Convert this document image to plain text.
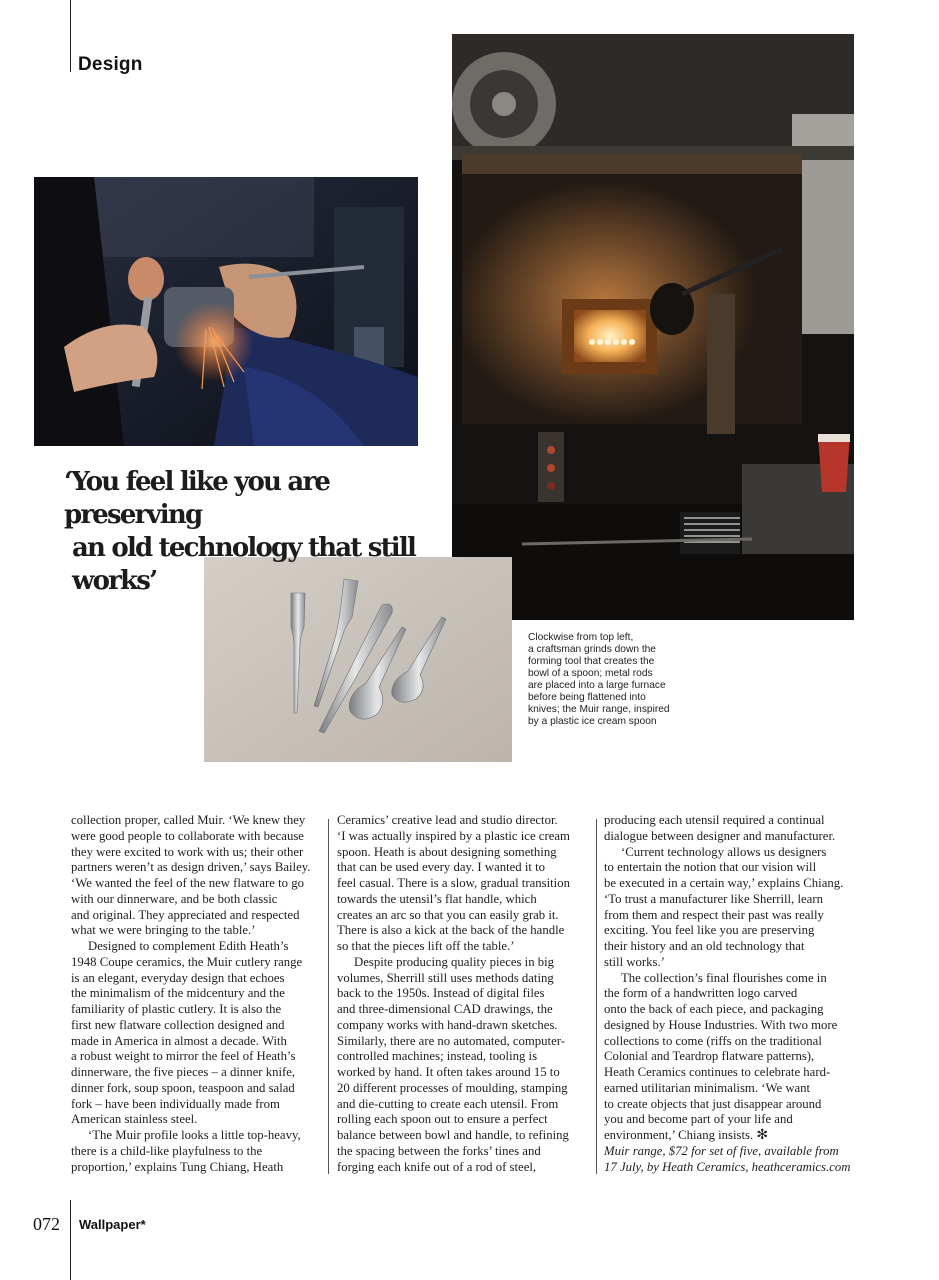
Design

‘You feel like you are preserving

an old technology that still works’

Clockwise from top left,
a craftsman grinds down the
forming tool that creates the
bowl of a spoon; metal rods
are placed into a large furnace
before being flattened into
knives; the Muir range, inspired
by a plastic ice cream spoon
collection proper, called Muir. ‘We knew they
were good people to collaborate with because
they were excited to work with us; their other
partners weren’t as design driven,’ says Bailey.
‘We wanted the feel of the new flatware to go
with our dinnerware, and be both classic
and original. They appreciated and respected
what we were bringing to the table.’
Designed to complement Edith Heath’s
1948 Coupe ceramics, the Muir cutlery range
is an elegant, everyday design that echoes
the minimalism of the midcentury and the
familiarity of plastic cutlery. It is also the
first new flatware collection designed and
made in America in almost a decade. With
a robust weight to mirror the feel of Heath’s
dinnerware, the five pieces – a dinner knife,
dinner fork, soup spoon, teaspoon and salad
fork – have been individually made from
American stainless steel.
‘The Muir profile looks a little top-heavy,
there is a child-like playfulness to the
proportion,’ explains Tung Chiang, Heath
Ceramics’ creative lead and studio director.
‘I was actually inspired by a plastic ice cream
spoon. Heath is about designing something
that can be used every day. I wanted it to
feel casual. There is a slow, gradual transition
towards the utensil’s flat handle, which
creates an arc so that you can easily grab it.
There is also a kick at the back of the handle
so that the pieces lift off the table.’
Despite producing quality pieces in big
volumes, Sherrill still uses methods dating
back to the 1950s. Instead of digital files
and three-dimensional CAD drawings, the
company works with hand-drawn sketches.
Similarly, there are no automated, computer-
controlled machines; instead, tooling is
worked by hand. It often takes around 15 to
20 different processes of moulding, stamping
and die-cutting to create each utensil. From
rolling each spoon out to ensure a perfect
balance between bowl and handle, to refining
the spacing between the forks’ tines and
forging each knife out of a rod of steel,
producing each utensil required a continual
dialogue between designer and manufacturer.
‘Current technology allows us designers
to entertain the notion that our vision will
be executed in a certain way,’ explains Chiang.
‘To trust a manufacturer like Sherrill, learn
from them and respect their past was really
exciting. You feel like you are preserving
their history and an old technology that
still works.’
The collection’s final flourishes come in
the form of a handwritten logo carved
onto the back of each piece, and packaging
designed by House Industries. With two more
collections to come (riffs on the traditional
Colonial and Teardrop flatware patterns),
Heath Ceramics continues to celebrate hard-
earned utilitarian minimalism. ‘We want
to create objects that just disappear around
you and become part of your life and
environment,’ Chiang insists. ✻
Muir range, $72 for set of five, available from
17 July, by Heath Ceramics, heathceramics.com
072 Wallpaper*
